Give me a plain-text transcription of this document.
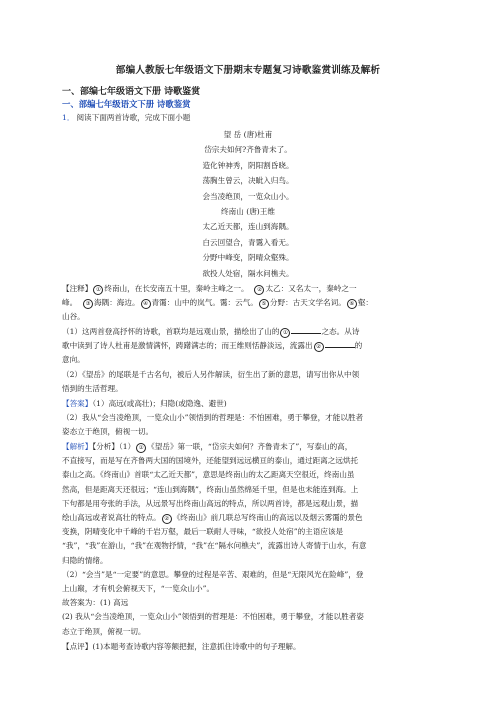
部编人教版七年级语文下册期末专题复习诗歌鉴赏训练及解析
一、部编七年级语文下册 诗歌鉴赏
一、部编七年级语文下册 诗歌鉴赏
1． 阅读下面两首诗歌，完成下面小题
望 岳 (唐)杜甫
岱宗夫如何?齐鲁青未了。
造化钟神秀，阴阳割昏晓。
荡胸生曾云，决眦入归鸟。
会当凌绝顶，一览众山小。
终南山 (唐)王维
太乙近天都，连山到海隅。
白云回望合，青霭入看无。
分野中峰变，阴晴众壑殊。
欲投人处宿，隔水问樵夫。
【注释】 ① 终南山，在长安南五十里，秦岭主峰之一。 ② 太乙：又名太一，秦岭之一
峰。 ③ 海隅：海边。 ④ 青霭：山中的岚气。霭：云气。 ⑤ 分野：古天文学名词。 ⑥ 壑：
山谷。
（1）这两首登高抒怀的诗歌，首联均是远观山景，描绘出了山的 ①	之态。从诗
歌中读到了诗人杜甫是激情满怀，踌躇满志的；而王维则恬静淡远，流露出 ②	的
意向。
（2）《望岳》的尾联是千古名句，被后人另作解读，衍生出了新的意思，请写出你从中领
悟到的生活哲理。
【答案】（1）高远(或高壮)；归隐(或隐逸、避世)
（2）我从“会当凌绝顶，一览众山小”领悟到的哲理是：不怕困难，勇于攀登，才能以胜者
姿态立于绝顶，俯视一切。
【解析】【分析】（1） ① 《望岳》第一联，“岱宗夫如何？齐鲁青未了”，写泰山的高，
不直接写，而是写在齐鲁两大国的国境外，还能望到远远横亘的泰山，通过距离之远烘托
泰山之高。《终南山》首联“太乙近天都”，意思是终南山的太乙距离天空很近，终南山虽
然高，但是距离天还很远；“连山到海隅”，终南山虽然绵延千里，但是也未能连到海。上
下句都是用夸张的手法，从远景写出终南山高远的特点，所以两首诗，都是远观山景，描
绘山高远或者说高壮的特点。 ② 《终南山》前几联总写终南山的高远以及烟云雾霭的景色
变换，阴晴变化中千峰的千岩万壑，最后一联耐人寻味，“欲投人处宿”的主语应该是
“我”，“我”在游山，“我”在观物抒情，“我”在“隔水问樵夫”，流露出诗人寄情于山水，有意
归隐的情绪。
（2）“会当”是“一定要”的意思。攀登的过程是辛苦、艰难的，但是“无限风光在险峰”，登
上山巅，才有机会俯视天下，“一览众山小”。
故答案为：(1) 高远
(2) 我从“会当凌绝顶，一览众山小”领悟到的哲理是：不怕困难，勇于攀登，才能以胜者姿
态立于绝顶，俯视一切。
【点评】(1)本题考查诗歌内容等额把握，注意抓住诗歌中的句子理解。
